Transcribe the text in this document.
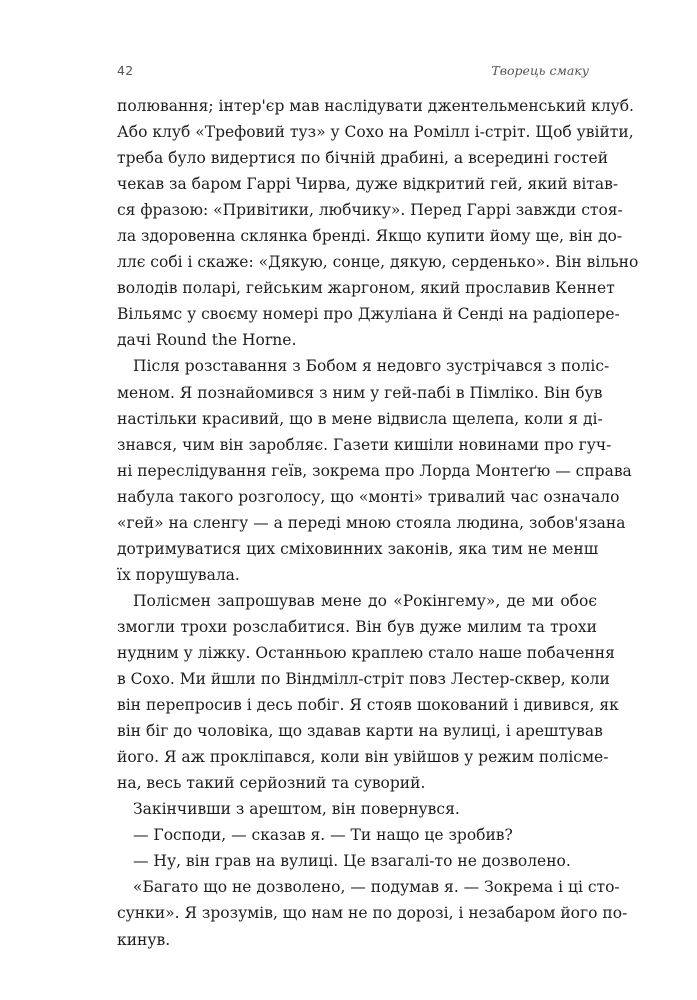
42	Творець смаку
полювання; інтер'єр мав наслідувати джентельменський клуб.
Або клуб «Трефовий туз» у Сохо на Ромілл і-стріт. Щоб увійти,
треба було видертися по бічній драбині, а всередині гостей
чекав за баром Гаррі Чирва, дуже відкритий гей, який вітав-
ся фразою: «Привітики, любчику». Перед Гаррі завжди стоя-
ла здоровенна склянка бренді. Якщо купити йому ще, він до-
ллє собі і скаже: «Дякую, сонце, дякую, серденько». Він вільно
володів поларі, гейським жаргоном, який прославив Кеннет
Вільямс у своєму номері про Джуліана й Сенді на радіопере-
дачі Round the Horne.
Після розставання з Бобом я недовго зустрічався з поліс-
меном. Я познайомився з ним у гей-пабі в Пімліко. Він був
настільки красивий, що в мене відвисла щелепа, коли я ді-
знався, чим він заробляє. Газети кишіли новинами про гуч-
ні переслідування геїв, зокрема про Лорда Монтеґю — справа
набула такого розголосу, що «монті» тривалий час означало
«гей» на сленгу — а переді мною стояла людина, зобов'язана
дотримуватися цих сміховинних законів, яка тим не менш
їх порушувала.
Полісмен запрошував мене до «Рокінгему», де ми обоє
змогли трохи розслабитися. Він був дуже милим та трохи
нудним у ліжку. Останньою краплею стало наше побачення
в Сохо. Ми йшли по Віндмілл-стріт повз Лестер-сквер, коли
він перепросив і десь побіг. Я стояв шокований і дивився, як
він біг до чоловіка, що здавав карти на вулиці, і арештував
його. Я аж проклiпався, коли він увійшов у режим полісме-
на, весь такий серйозний та суворий.
Закінчивши з арештом, він повернувся.
— Господи, — сказав я. — Ти нащо це зробив?
— Ну, він грав на вулиці. Це взагалі-то не дозволено.
«Багато що не дозволено, — подумав я. — Зокрема і ці сто-
сунки». Я зрозумів, що нам не по дорозі, і незабаром його по-
кинув.
